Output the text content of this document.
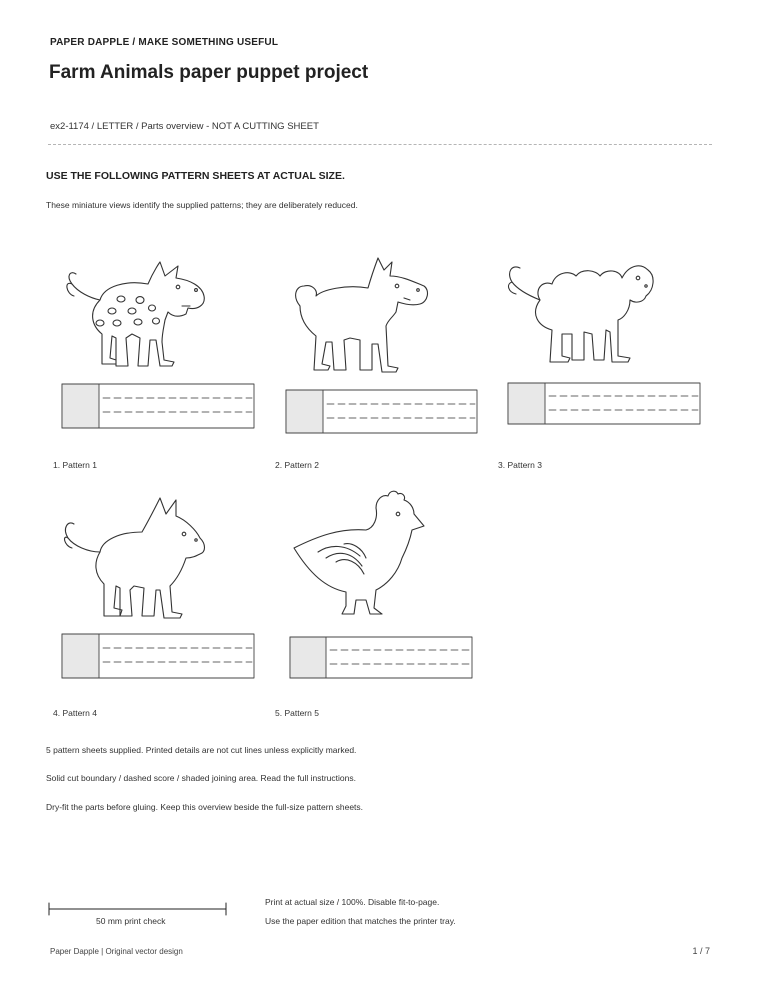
PAPER DAPPLE / MAKE SOMETHING USEFUL
Farm Animals paper puppet project
ex2-1174 / LETTER / Parts overview - NOT A CUTTING SHEET
USE THE FOLLOWING PATTERN SHEETS AT ACTUAL SIZE.
These miniature views identify the supplied patterns; they are deliberately reduced.
1. Pattern 1	2. Pattern 2	3. Pattern 3
4. Pattern 4	5. Pattern 5
5 pattern sheets supplied. Printed details are not cut lines unless explicitly marked.
Solid cut boundary / dashed score / shaded joining area. Read the full instructions.
Dry-fit the parts before gluing. Keep this overview beside the full-size pattern sheets.
50 mm print check
Print at actual size / 100%. Disable fit-to-page.
Use the paper edition that matches the printer tray.
Paper Dapple | Original vector design	1 / 7
